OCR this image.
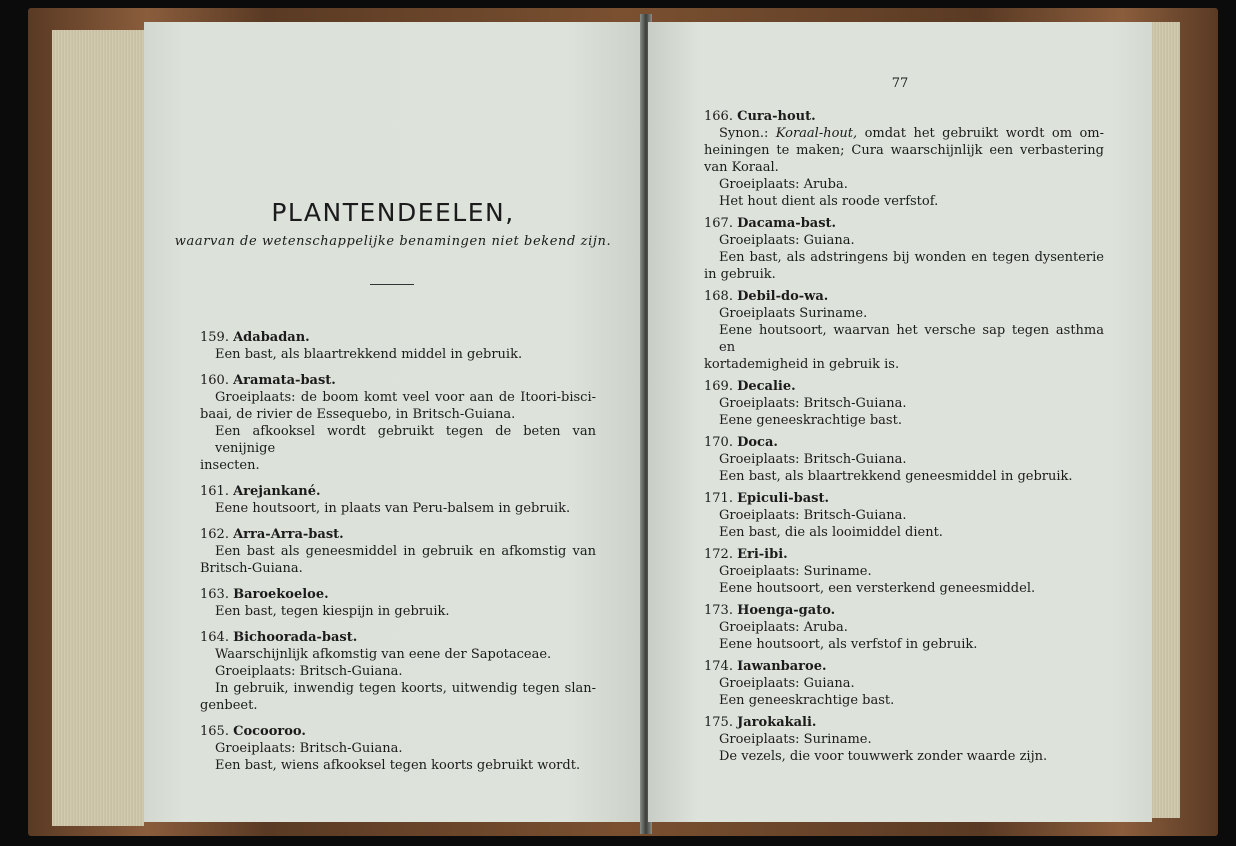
PLANTENDEELEN,
waarvan de wetenschappelijke benamingen niet bekend zijn.
159. Adabadan.
Een bast, als blaartrekkend middel in gebruik.
160. Aramata-bast.
Groeiplaats: de boom komt veel voor aan de Itoori-bisci-
baai, de rivier de Essequebo, in Britsch-Guiana.
Een afkooksel wordt gebruikt tegen de beten van venijnige
insecten.
161. Arejankané.
Eene houtsoort, in plaats van Peru-balsem in gebruik.
162. Arra-Arra-bast.
Een bast als geneesmiddel in gebruik en afkomstig van
Britsch-Guiana.
163. Baroekoeloe.
Een bast, tegen kiespijn in gebruik.
164. Bichoorada-bast.
Waarschijnlijk afkomstig van eene der Sapotaceae.
Groeiplaats: Britsch-Guiana.
In gebruik, inwendig tegen koorts, uitwendig tegen slan-
genbeet.
165. Cocooroo.
Groeiplaats: Britsch-Guiana.
Een bast, wiens afkooksel tegen koorts gebruikt wordt.
77
166. Cura-hout.
Synon.: Koraal-hout, omdat het gebruikt wordt om om-
heiningen te maken; Cura waarschijnlijk een verbastering
van Koraal.
Groeiplaats: Aruba.
Het hout dient als roode verfstof.
167. Dacama-bast.
Groeiplaats: Guiana.
Een bast, als adstringens bij wonden en tegen dysenterie
in gebruik.
168. Debil-do-wa.
Groeiplaats Suriname.
Eene houtsoort, waarvan het versche sap tegen asthma en
kortademigheid in gebruik is.
169. Decalie.
Groeiplaats: Britsch-Guiana.
Eene geneeskrachtige bast.
170. Doca.
Groeiplaats: Britsch-Guiana.
Een bast, als blaartrekkend geneesmiddel in gebruik.
171. Epiculi-bast.
Groeiplaats: Britsch-Guiana.
Een bast, die als looimiddel dient.
172. Eri-ibi.
Groeiplaats: Suriname.
Eene houtsoort, een versterkend geneesmiddel.
173. Hoenga-gato.
Groeiplaats: Aruba.
Eene houtsoort, als verfstof in gebruik.
174. Iawanbaroe.
Groeiplaats: Guiana.
Een geneeskrachtige bast.
175. Jarokakali.
Groeiplaats: Suriname.
De vezels, die voor touwwerk zonder waarde zijn.
